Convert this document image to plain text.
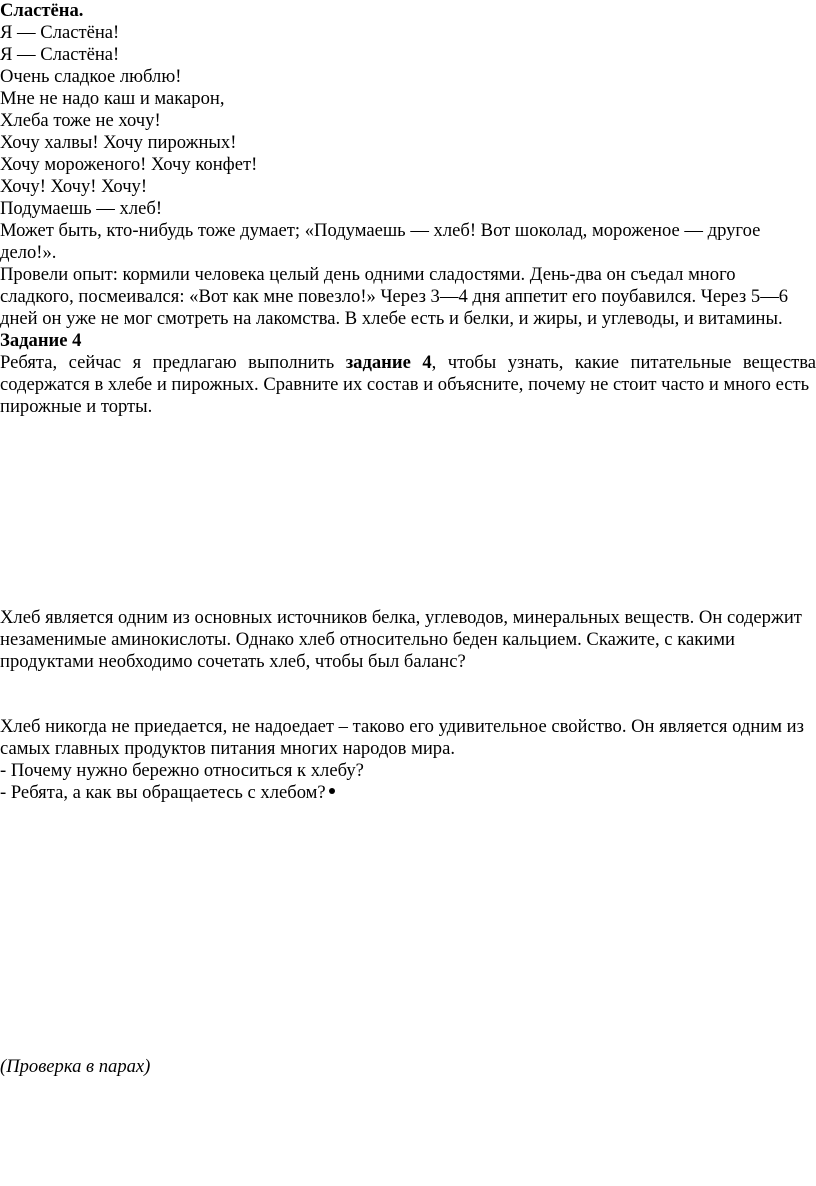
Сластёна.
Я — Сластёна!
Я — Сластёна!
Очень сладкое люблю!
Мне не надо каш и макарон,
Хлеба тоже не хочу!
Хочу халвы! Хочу пирожных!
Хочу мороженого! Хочу конфет!
Хочу! Хочу! Хочу!
Подумаешь — хлеб!
Может быть, кто-нибудь тоже думает; «Подумаешь — хлеб! Вот шоколад, мороженое — другое
дело!».
Провели опыт: кормили человека целый день одними сладостями. День-два он съедал много
сладкого, посмеивался: «Вот как мне повезло!» Через 3—4 дня аппетит его поубавился. Через 5—6
дней он уже не мог смотреть на лакомства. В хлебе есть и белки, и жиры, и углеводы, и витамины.
Задание 4
Ребята, сейчас я предлагаю выполнить задание 4, чтобы узнать, какие питательные вещества
содержатся в хлебе и пирожных. Сравните их состав и объясните, почему не стоит часто и много есть
пирожные и торты.
Хлеб является одним из основных источников белка, углеводов, минеральных веществ. Он содержит
незаменимые аминокислоты. Однако хлеб относительно беден кальцием. Скажите, с какими
продуктами необходимо сочетать хлеб, чтобы был баланс?
Хлеб никогда не приедается, не надоедает – таково его удивительное свойство. Он является одним из
самых главных продуктов питания многих народов мира.
- Почему нужно бережно относиться к хлебу?
- Ребята, а как вы обращаетесь с хлебом?
(Проверка в парах)
